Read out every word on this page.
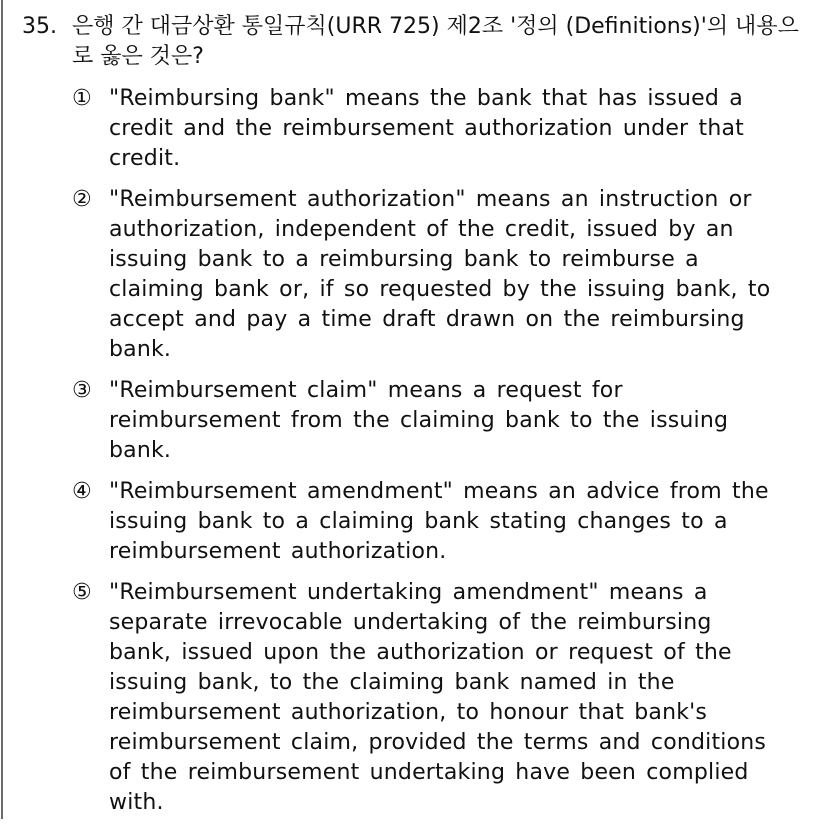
35. 은행 간 대금상환 통일규칙(URR 725) 제2조 '정의 (Definitions)'의 내용으로 옳은 것은?
① "Reimbursing bank" means the bank that has issued a credit and the reimbursement authorization under that credit.
② "Reimbursement authorization" means an instruction or authorization, independent of the credit, issued by an issuing bank to a reimbursing bank to reimburse a claiming bank or, if so requested by the issuing bank, to accept and pay a time draft drawn on the reimbursing bank.
③ "Reimbursement claim" means a request for reimbursement from the claiming bank to the issuing bank.
④ "Reimbursement amendment" means an advice from the issuing bank to a claiming bank stating changes to a reimbursement authorization.
⑤ "Reimbursement undertaking amendment" means a separate irrevocable undertaking of the reimbursing bank, issued upon the authorization or request of the issuing bank, to the claiming bank named in the reimbursement authorization, to honour that bank's reimbursement claim, provided the terms and conditions of the reimbursement undertaking have been complied with.
